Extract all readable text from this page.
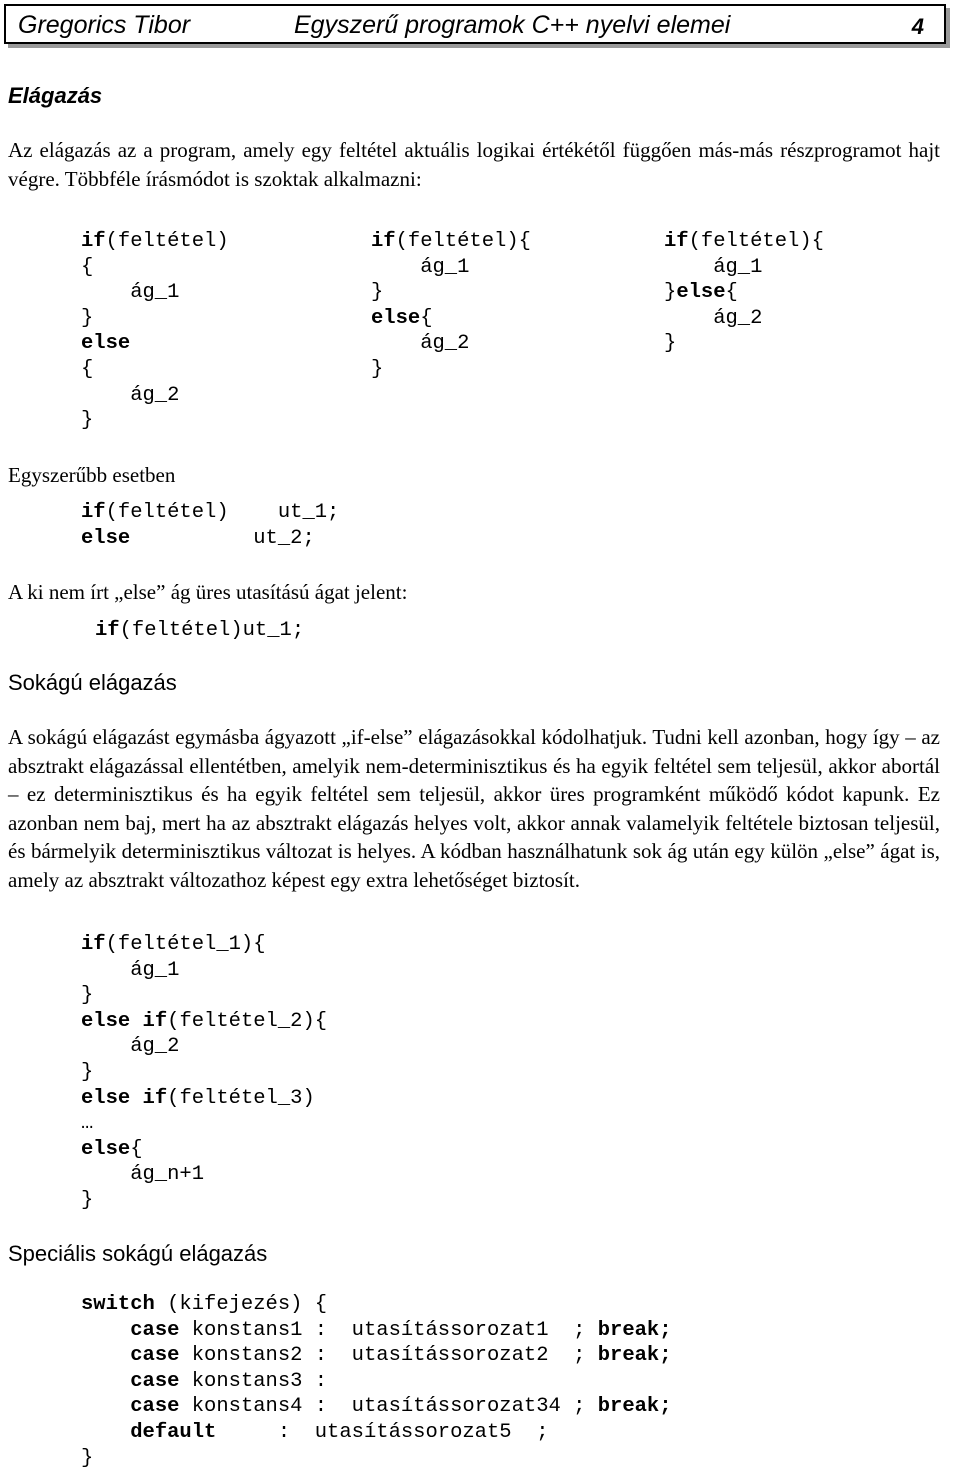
Gregorics Tibor	Egyszerű programok C++ nyelvi elemei	4
Elágazás
Az elágazás az a program, amely egy feltétel aktuális logikai értékétől függően más-más részprogramot hajt végre. Többféle írásmódot is szoktak alkalmazni:
if(feltétel)
{
ág_1
}
else
{
ág_2
}
if(feltétel){
ág_1
}
else{
ág_2
}
if(feltétel){
ág_1
}else{
ág_2
}
Egyszerűbb esetben
if(feltétel)    ut_1;
else          ut_2;
A ki nem írt „else” ág üres utasítású ágat jelent:
if(feltétel)ut_1;
Sokágú elágazás
A sokágú elágazást egymásba ágyazott „if-else” elágazásokkal kódolhatjuk. Tudni kell azonban, hogy így – az absztrakt elágazással ellentétben, amelyik nem-determinisztikus és ha egyik feltétel sem teljesül, akkor abortál – ez determinisztikus és ha egyik feltétel sem teljesül, akkor üres programként működő kódot kapunk. Ez azonban nem baj, mert ha az absztrakt elágazás helyes volt, akkor annak valamelyik feltétele biztosan teljesül, és bármelyik determinisztikus változat is helyes. A kódban használhatunk sok ág után egy külön „else” ágat is, amely az absztrakt változathoz képest egy extra lehetőséget biztosít.
if(feltétel_1){
ág_1
}
else if(feltétel_2){
ág_2
}
else if(feltétel_3)
…
else{
ág_n+1
}
Speciális sokágú elágazás
switch (kifejezés) {
case konstans1 :  utasítássorozat1  ; break;
case konstans2 :  utasítássorozat2  ; break;
case konstans3 :
case konstans4 :  utasítássorozat34 ; break;
default     :  utasítássorozat5  ;
}
